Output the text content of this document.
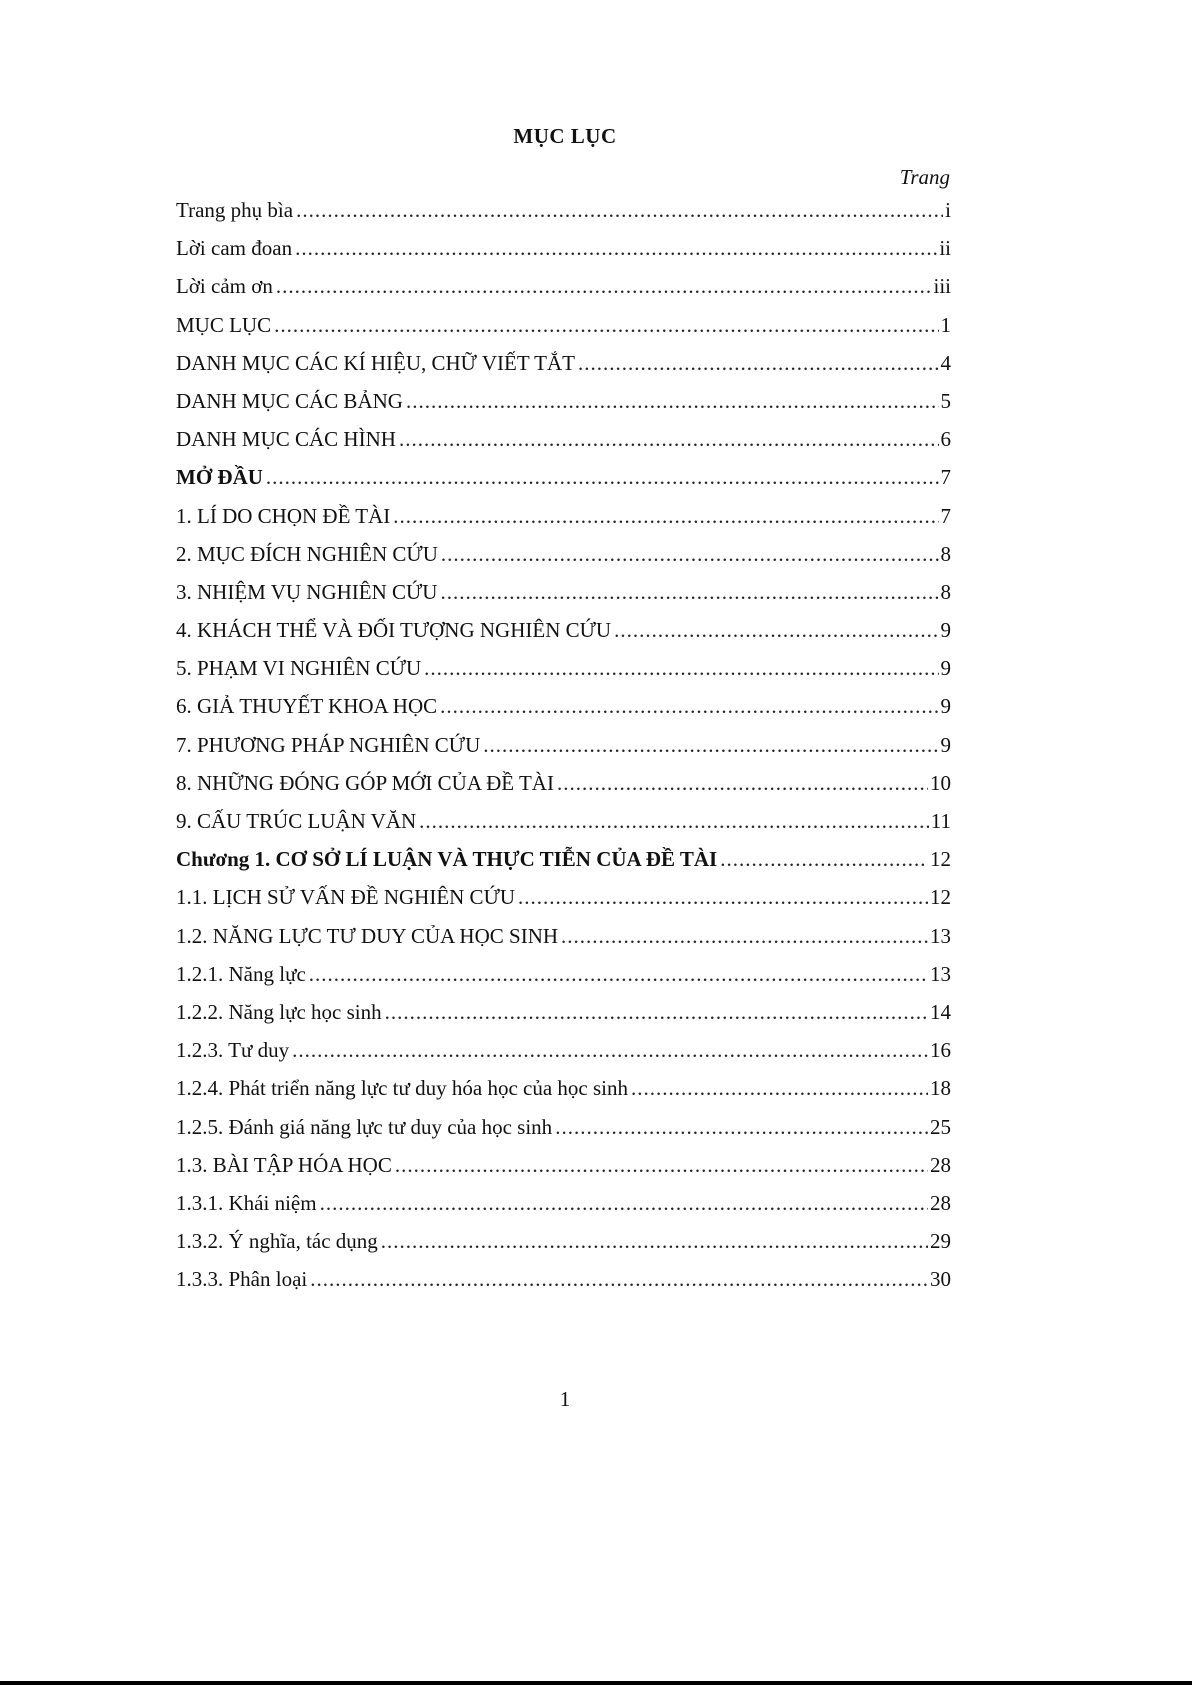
MỤC LỤC
Trang
Trang phụ bìa .....	i
Lời cam đoan .....	ii
Lời cảm ơn .....	iii
MỤC LỤC .....	1
DANH MỤC CÁC KÍ HIỆU, CHỮ VIẾT TẮT .....	4
DANH MỤC CÁC BẢNG .....	5
DANH MỤC CÁC HÌNH .....	6
MỞ ĐẦU .....	7
1. LÍ DO CHỌN ĐỀ TÀI .....	7
2. MỤC ĐÍCH NGHIÊN CỨU .....	8
3. NHIỆM VỤ NGHIÊN CỨU .....	8
4. KHÁCH THỂ VÀ ĐỐI TƯỢNG NGHIÊN CỨU .....	9
5. PHẠM VI NGHIÊN CỨU .....	9
6. GIẢ THUYẾT KHOA HỌC .....	9
7. PHƯƠNG PHÁP NGHIÊN CỨU .....	9
8. NHỮNG ĐÓNG GÓP MỚI CỦA ĐỀ TÀI .....	10
9. CẤU TRÚC LUẬN VĂN .....	11
Chương 1. CƠ SỞ LÍ LUẬN VÀ THỰC TIỄN CỦA ĐỀ TÀI .....	12
1.1. LỊCH SỬ VẤN ĐỀ NGHIÊN CỨU .....	12
1.2. NĂNG LỰC TƯ DUY CỦA HỌC SINH .....	13
1.2.1. Năng lực .....	13
1.2.2. Năng lực học sinh .....	14
1.2.3. Tư duy .....	16
1.2.4. Phát triển năng lực tư duy hóa học của học sinh .....	18
1.2.5. Đánh giá năng lực tư duy của học sinh .....	25
1.3. BÀI TẬP HÓA HỌC .....	28
1.3.1. Khái niệm .....	28
1.3.2. Ý nghĩa, tác dụng .....	29
1.3.3. Phân loại .....	30
1
